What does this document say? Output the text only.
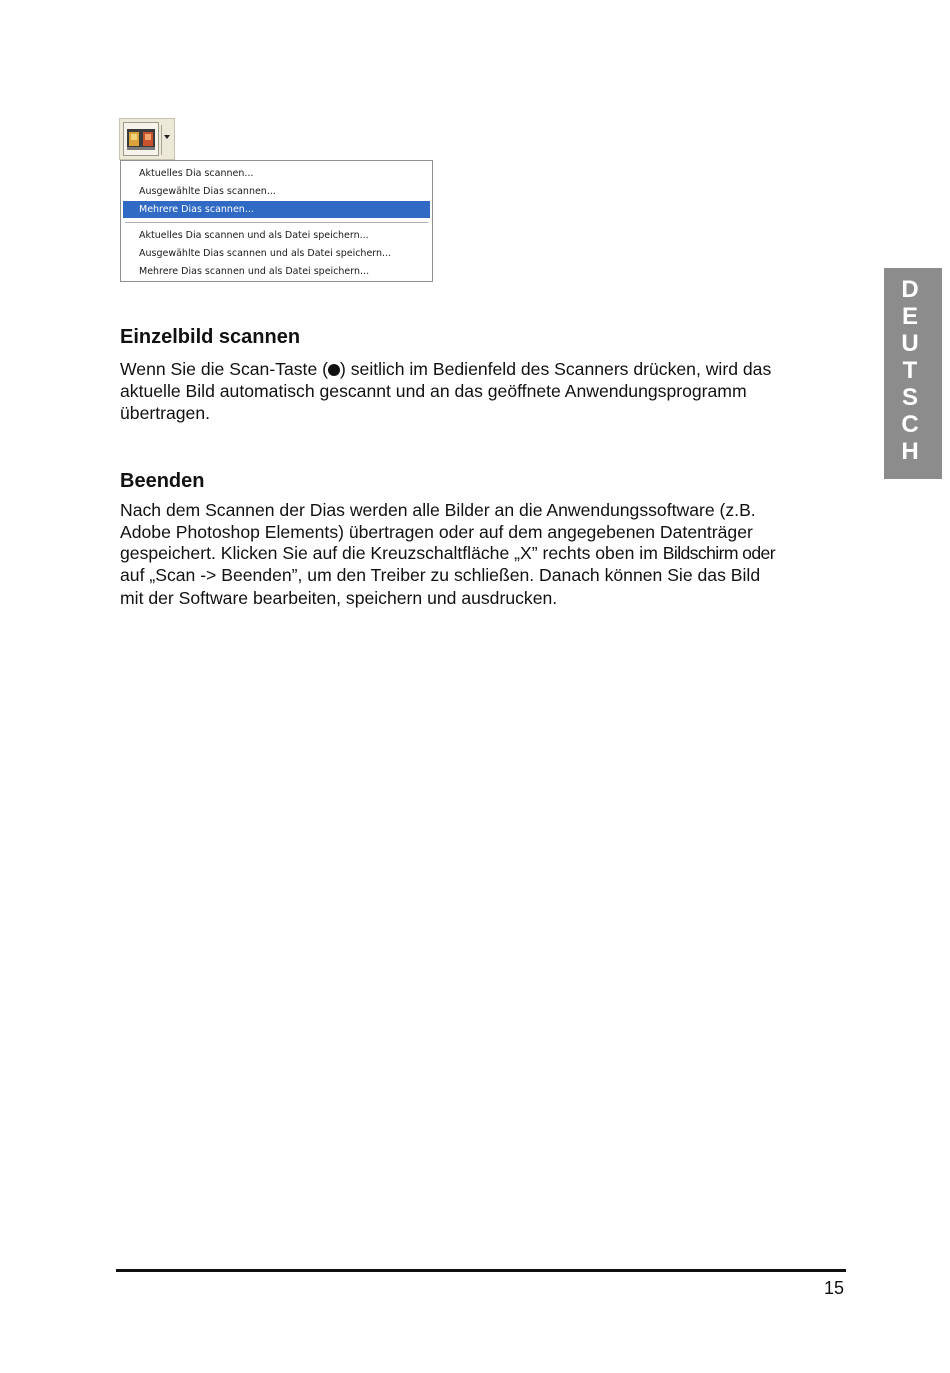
Aktuelles Dia scannen...
Ausgewählte Dias scannen...
Mehrere Dias scannen...
Aktuelles Dia scannen und als Datei speichern...
Ausgewählte Dias scannen und als Datei speichern...
Mehrere Dias scannen und als Datei speichern...
Einzelbild scannen

Wenn Sie die Scan-Taste ( ) seitlich im Bedienfeld des Scanners drücken, wird das

aktuelle Bild automatisch gescannt und an das geöffnete Anwendungsprogramm

übertragen.

Beenden

Nach dem Scannen der Dias werden alle Bilder an die Anwendungssoftware (z.B.

Adobe Photoshop Elements) übertragen oder auf dem angegebenen Datenträger

gespeichert. Klicken Sie auf die Kreuzschaltfläche „X” rechts oben im Bildschirm oder

auf „Scan -> Beenden”, um den Treiber zu schließen. Danach können Sie das Bild

mit der Software bearbeiten, speichern und ausdrucken.

D
E
U
T
S
C
H
15
